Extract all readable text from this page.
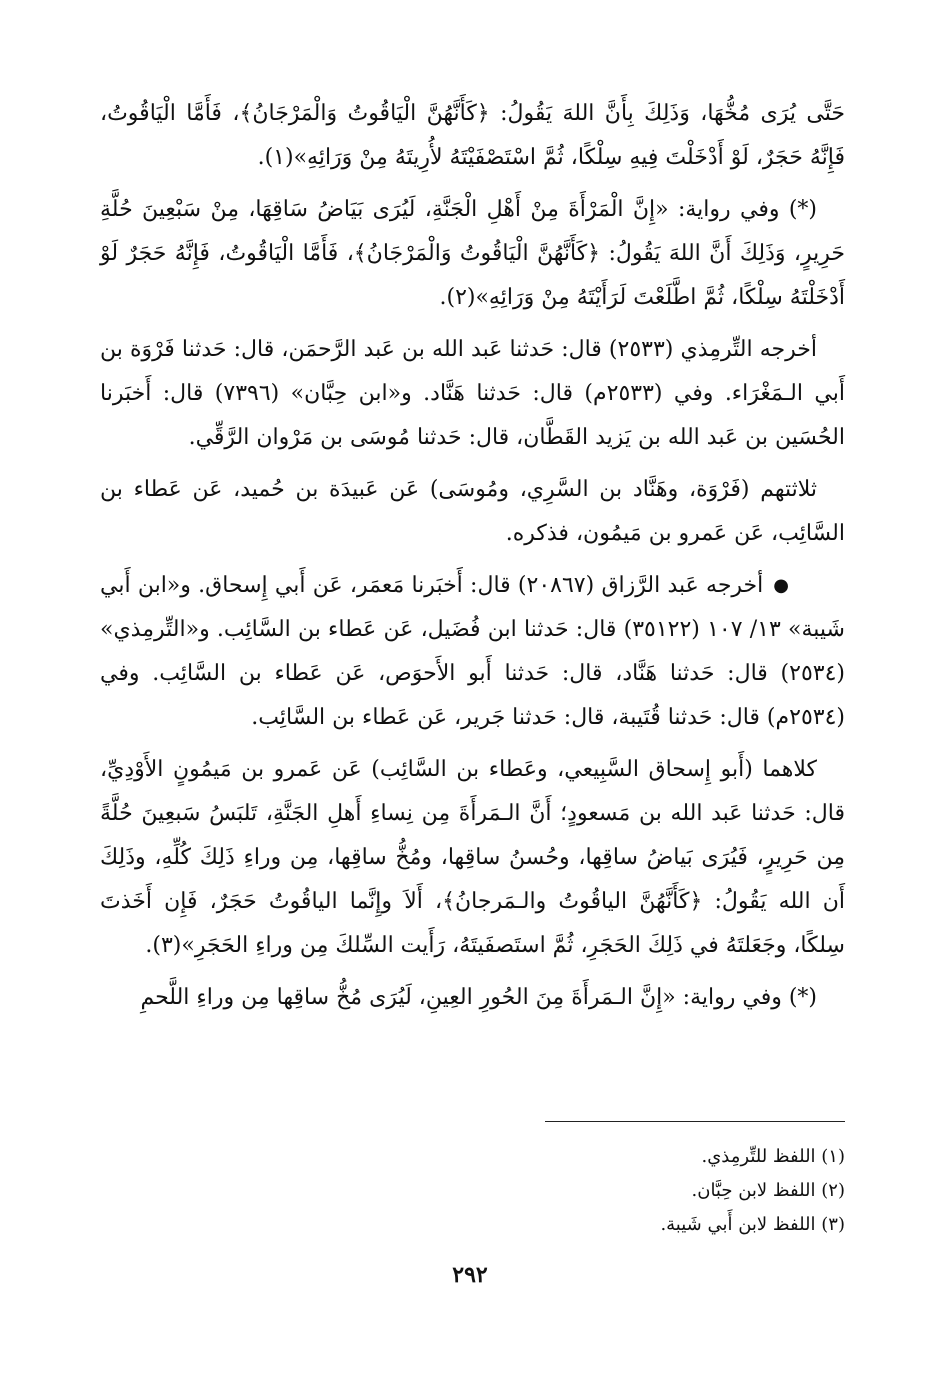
حَتَّى يُرَى مُخُّهَا، وَذَلِكَ بِأَنَّ اللهَ يَقُولُ: ﴿كَأَنَّهُنَّ الْيَاقُوتُ وَالْمَرْجَانُ﴾، فَأَمَّا الْيَاقُوتُ، فَإِنَّهُ حَجَرٌ، لَوْ أَدْخَلْتَ فِيهِ سِلْكًا، ثُمَّ اسْتَصْفَيْتَهُ لأُرِيتَهُ مِنْ وَرَائِهِ»(١).

(*) وفي رواية: «إِنَّ الْمَرْأَةَ مِنْ أَهْلِ الْجَنَّةِ، لَيُرَى بَيَاضُ سَاقِهَا، مِنْ سَبْعِينَ حُلَّةِ حَرِيرٍ، وَذَلِكَ أَنَّ اللهَ يَقُولُ: ﴿كَأَنَّهُنَّ الْيَاقُوتُ وَالْمَرْجَانُ﴾، فَأَمَّا الْيَاقُوتُ، فَإِنَّهُ حَجَرٌ لَوْ أَدْخَلْتَهُ سِلْكًا، ثُمَّ اطَّلَعْتَ لَرَأَيْتَهُ مِنْ وَرَائِهِ»(٢).

أخرجه التِّرمِذي (٢٥٣٣) قال: حَدثنا عَبد الله بن عَبد الرَّحمَن، قال: حَدثنا فَرْوَة بن أَبي الـمَغْرَاء. وفي (٢٥٣٣م) قال: حَدثنا هَنَّاد. و«ابن حِبَّان» (٧٣٩٦) قال: أَخبَرنا الحُسَين بن عَبد الله بن يَزيد القَطَّان، قال: حَدثنا مُوسَى بن مَرْوان الرَّقِّي.

ثلاثتهم (فَرْوَة، وهَنَّاد بن السَّرِي، ومُوسَى) عَن عَبيدَة بن حُميد، عَن عَطاء بن السَّائِب، عَن عَمرو بن مَيمُون، فذكره.

●أخرجه عَبد الرَّزاق (٢٠٨٦٧) قال: أَخبَرنا مَعمَر، عَن أَبي إِسحاق. و«ابن أَبي شَيبة» ١٣/ ١٠٧ (٣٥١٢٢) قال: حَدثنا ابن فُضَيل، عَن عَطاء بن السَّائِب. و«التِّرمِذي» (٢٥٣٤) قال: حَدثنا هَنَّاد، قال: حَدثنا أَبو الأَحوَص، عَن عَطاء بن السَّائِب. وفي (٢٥٣٤م) قال: حَدثنا قُتَيبة، قال: حَدثنا جَرير، عَن عَطاء بن السَّائِب.

كلاهما (أَبو إِسحاق السَّبِيعي، وعَطاء بن السَّائِب) عَن عَمرو بن مَيمُونٍ الأَوْدِيِّ، قال: حَدثنا عَبد الله بن مَسعودٍ؛ أَنَّ الـمَرأَةَ مِن نِساءِ أَهلِ الجَنَّةِ، تَلبَسُ سَبعِينَ حُلَّةً مِن حَرِيرٍ، فَيُرَى بَياضُ ساقِها، وحُسنُ ساقِها، ومُخُّ ساقِها، مِن وراءِ ذَلِكَ كُلِّهِ، وذَلِكَ أَن الله يَقُولُ: ﴿كَأَنَّهُنَّ الياقُوتُ والـمَرجانُ﴾، أَلاَ وإِنَّما الياقُوتُ حَجَرٌ، فَإِن أَخَذتَ سِلكًا، وجَعَلتَهُ في ذَلِكَ الحَجَرِ، ثُمَّ استَصفَيتَهُ، رَأَيت السِّلكَ مِن وراءِ الحَجَرِ»(٣).

(*) وفي رواية: «إِنَّ الـمَرأَةَ مِنَ الحُورِ العِينِ، لَيُرَى مُخُّ ساقِها مِن وراءِ اللَّحمِ

(١) اللفظ للتِّرمِذي.

(٢) اللفظ لابن حِبَّان.

(٣) اللفظ لابن أَبي شَيبة.

٢٩٢
